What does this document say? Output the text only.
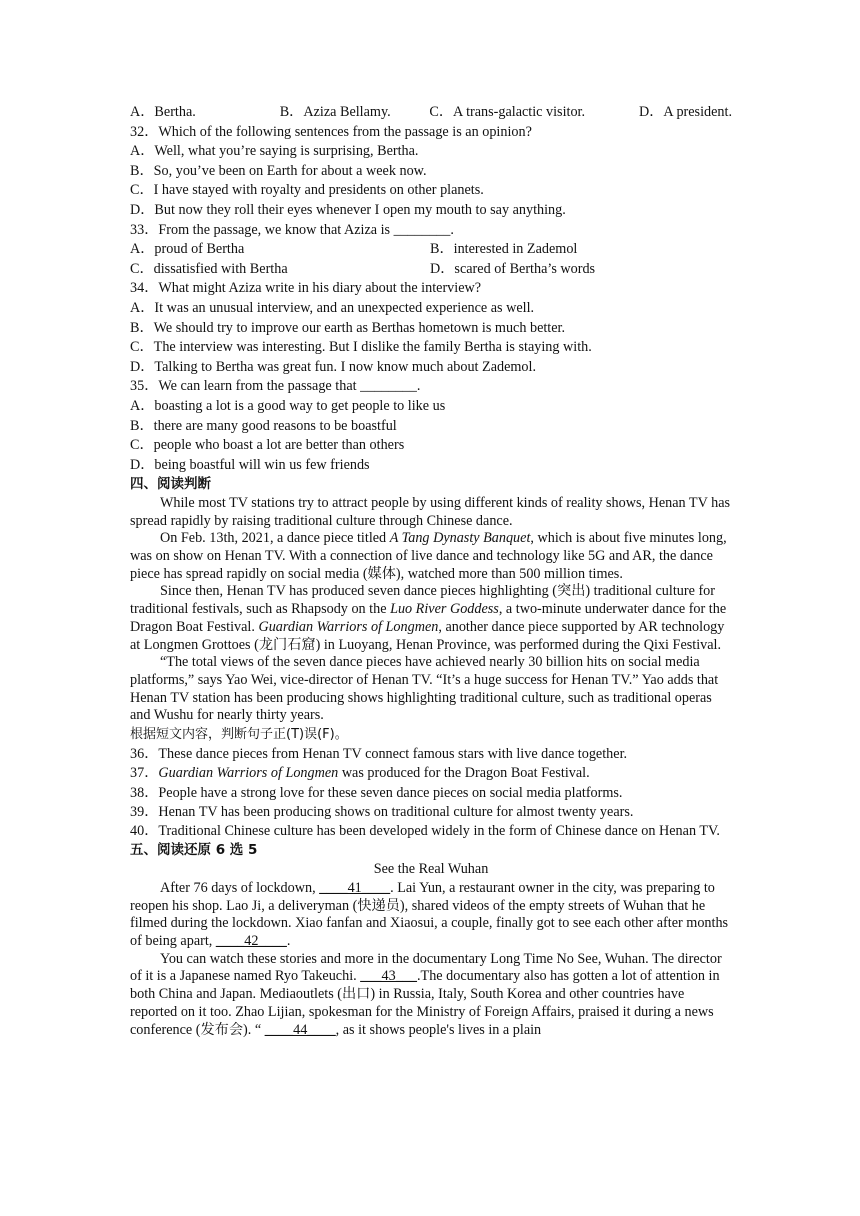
A．Bertha.	B．Aziza Bellamy.	C．A trans-galactic visitor.	D．A president.
32．Which of the following sentences from the passage is an opinion?
A．Well, what you’re saying is surprising, Bertha.
B．So, you’ve been on Earth for about a week now.
C．I have stayed with royalty and presidents on other planets.
D．But now they roll their eyes whenever I open my mouth to say anything.
33．From the passage, we know that Aziza is ________.
A．proud of Bertha	B．interested in Zademol
C．dissatisfied with Bertha	D．scared of Bertha’s words
34．What might Aziza write in his diary about the interview?
A．It was an unusual interview, and an unexpected experience as well.
B．We should try to improve our earth as Berthas hometown is much better.
C．The interview was interesting. But I dislike the family Bertha is staying with.
D．Talking to Bertha was great fun. I now know much about Zademol.
35．We can learn from the passage that ________.
A．boasting a lot is a good way to get people to like us
B．there are many good reasons to be boastful
C．people who boast a lot are better than others
D．being boastful will win us few friends
四、阅读判断

While most TV stations try to attract people by using different kinds of reality shows, Henan TV has spread rapidly by raising traditional culture through Chinese dance.

On Feb. 13th, 2021, a dance piece titled A Tang Dynasty Banquet, which is about five minutes long, was on show on Henan TV. With a connection of live dance and technology like 5G and AR, the dance piece has spread rapidly on social media (媒体), watched more than 500 million times.

Since then, Henan TV has produced seven dance pieces highlighting (突出) traditional culture for traditional festivals, such as Rhapsody on the Luo River Goddess, a two-minute underwater dance for the Dragon Boat Festival. Guardian Warriors of Longmen, another dance piece supported by AR technology at Longmen Grottoes (龙门石窟) in Luoyang, Henan Province, was performed during the Qixi Festival.

“The total views of the seven dance pieces have achieved nearly 30 billion hits on social media platforms,” says Yao Wei, vice-director of Henan TV. “It’s a huge success for Henan TV.” Yao adds that Henan TV station has been producing shows highlighting traditional culture, such as traditional operas and Wushu for nearly thirty years.

根据短文内容，判断句子正(T)误(F)。
36．These dance pieces from Henan TV connect famous stars with live dance together.
37．Guardian Warriors of Longmen was produced for the Dragon Boat Festival.
38．People have a strong love for these seven dance pieces on social media platforms.
39．Henan TV has been producing shows on traditional culture for almost twenty years.
40．Traditional Chinese culture has been developed widely in the form of Chinese dance on Henan TV.
五、阅读还原 6 选 5
See the Real Wuhan

After 76 days of lockdown, ____41____. Lai Yun, a restaurant owner in the city, was preparing to reopen his shop. Lao Ji, a deliveryman (快递员), shared videos of the empty streets of Wuhan that he filmed during the lockdown. Xiao fanfan and Xiaosui, a couple, finally got to see each other after months of being apart, ____42____.

You can watch these stories and more in the documentary Long Time No See, Wuhan. The director of it is a Japanese named Ryo Takeuchi. ___43___.The documentary also has gotten a lot of attention in both China and Japan. Mediaoutlets (出口) in Russia, Italy, South Korea and other countries have reported on it too. Zhao Lijian, spokesman for the Ministry of Foreign Affairs, praised it during a news conference (发布会). “ ____44____, as it shows people's lives in a plain
